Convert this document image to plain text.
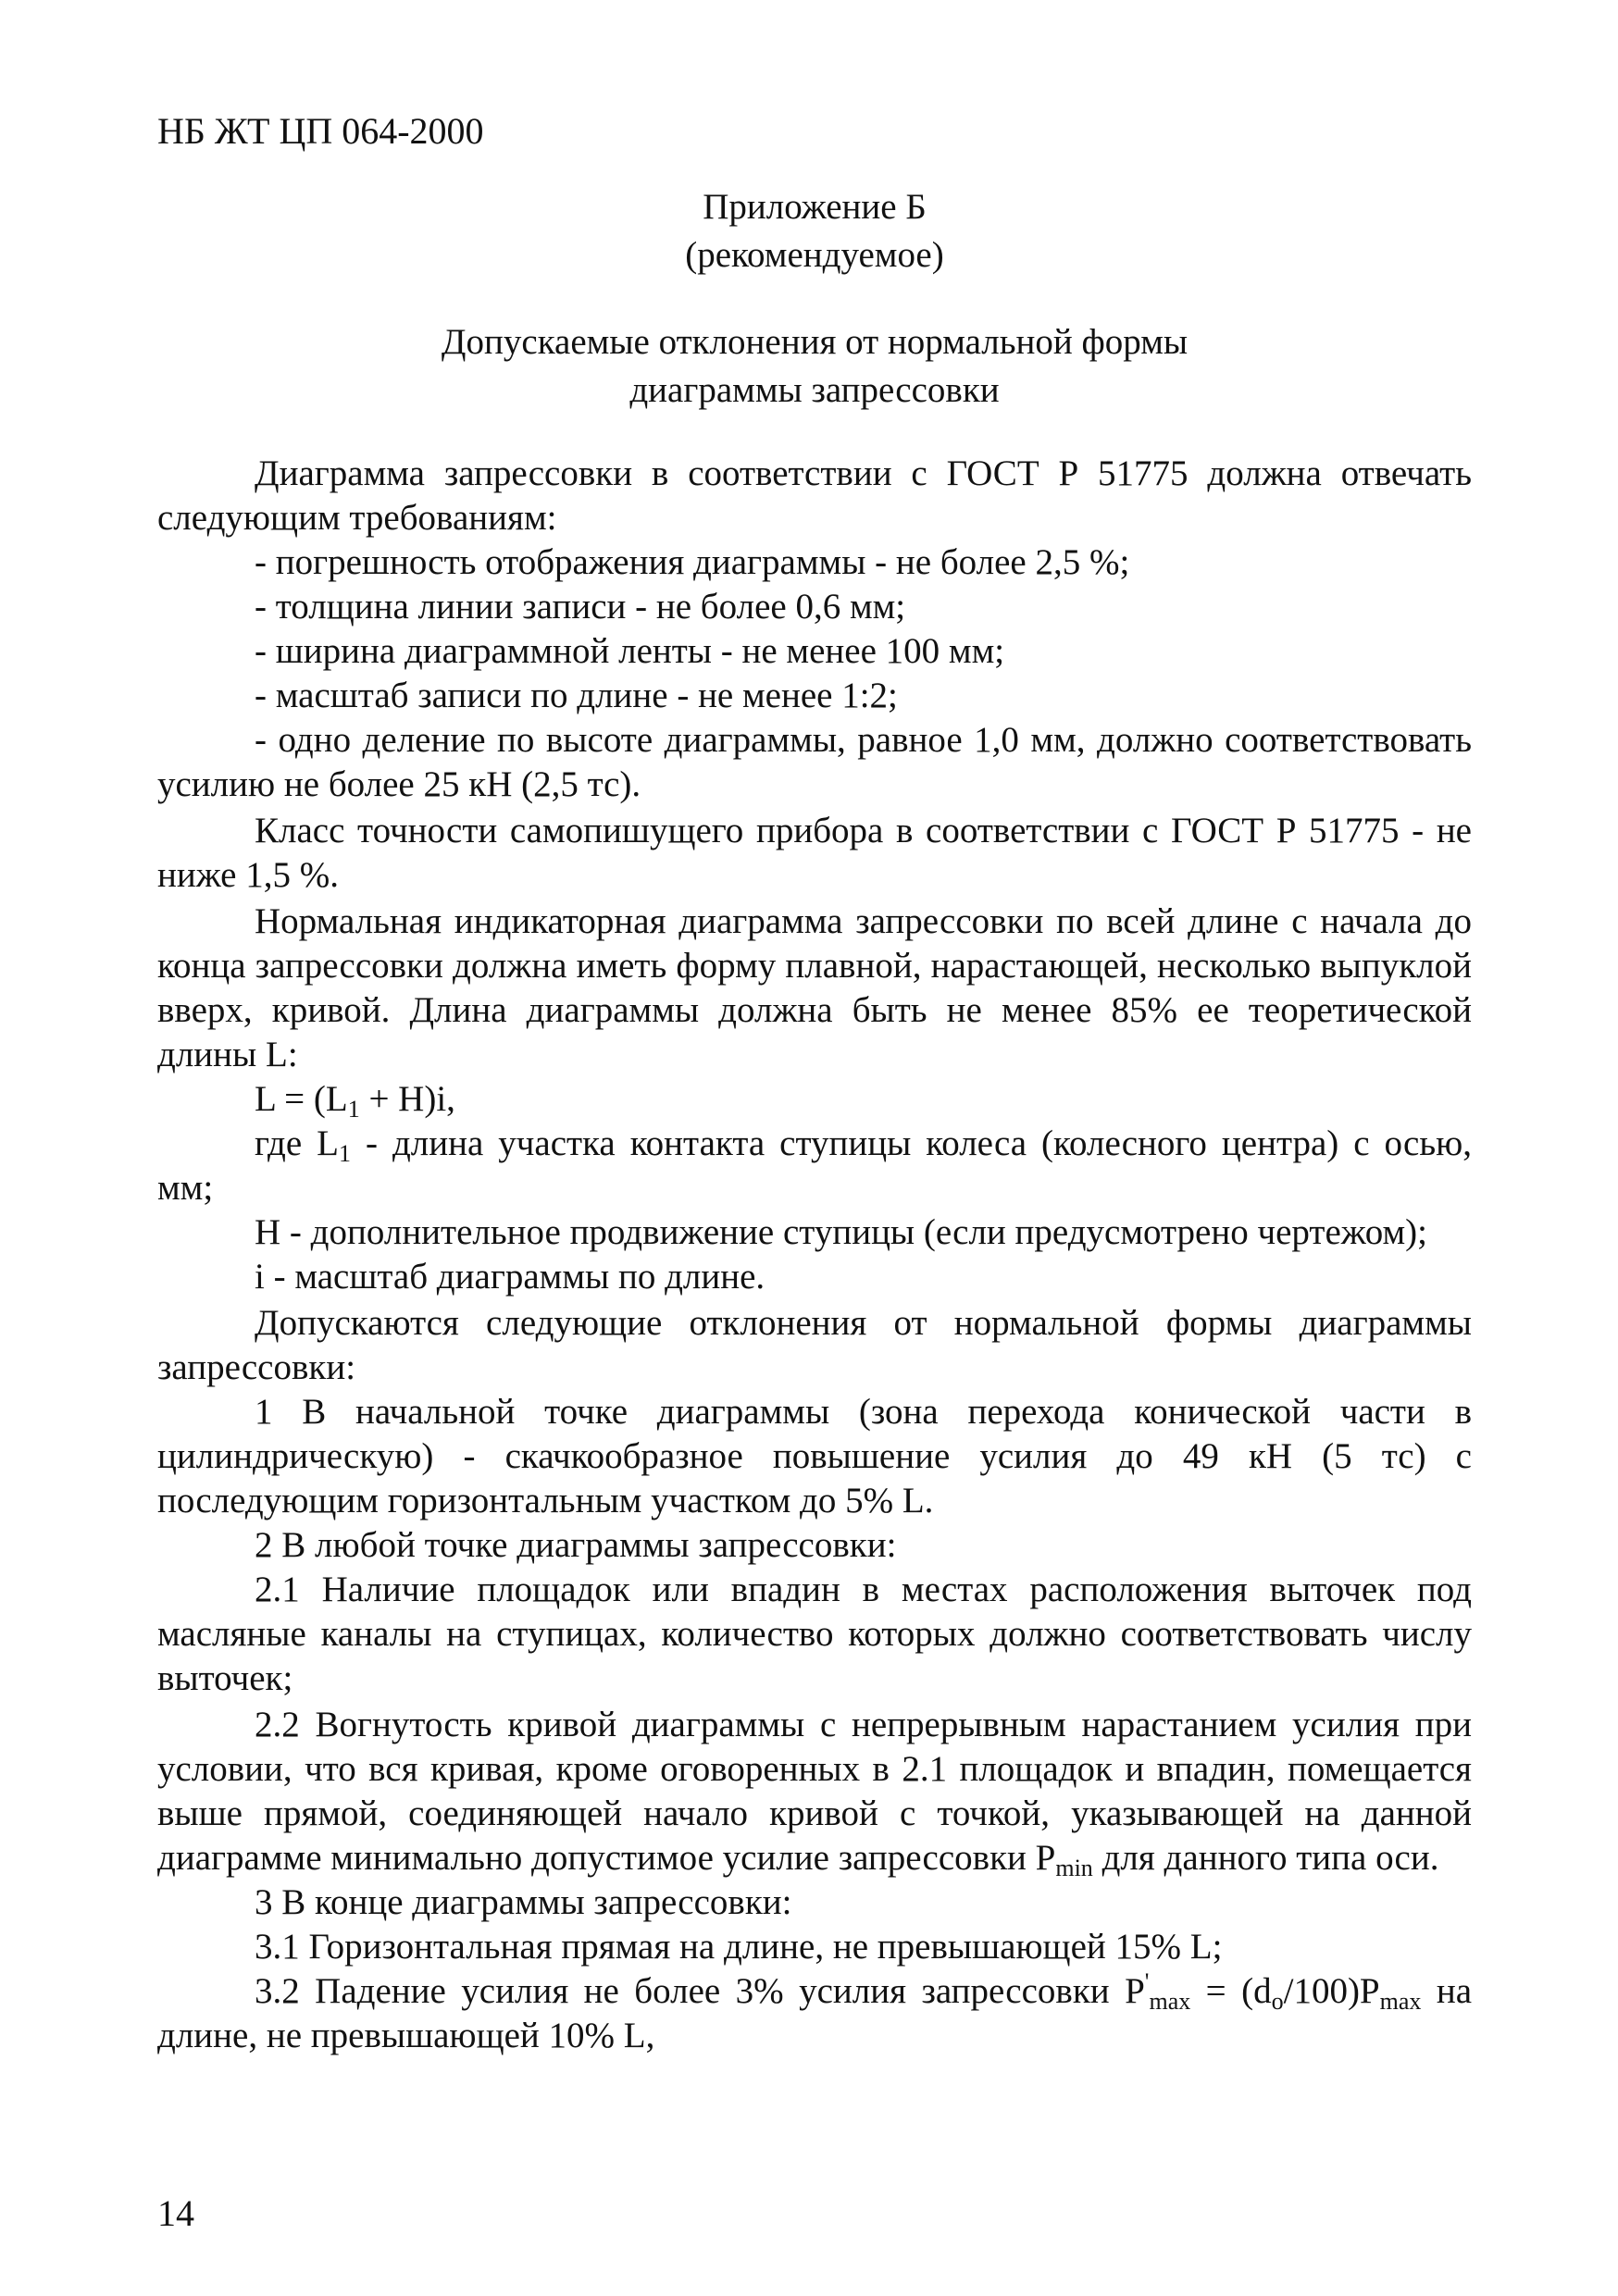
НБ ЖТ ЦП 064-2000
Приложение Б
(рекомендуемое)
Допускаемые отклонения от нормальной формы
диаграммы запрессовки

Диаграмма запрессовки в соответствии с ГОСТ Р 51775 должна отвечать следующим требованиям:

- погрешность отображения диаграммы - не более 2,5 %;

- толщина линии записи - не более 0,6 мм;

- ширина диаграммной ленты - не менее 100 мм;

- масштаб записи по длине - не менее 1:2;

- одно деление по высоте диаграммы, равное 1,0 мм, должно соответствовать усилию не более 25 кН (2,5 тс).

Класс точности самопишущего прибора в соответствии с ГОСТ Р 51775 - не ниже 1,5 %.

Нормальная индикаторная диаграмма запрессовки по всей длине с начала до конца запрессовки должна иметь форму плавной, нарастающей, несколько выпуклой вверх, кривой. Длина диаграммы должна быть не менее 85% ее теоретической длины L:

$L = (L_1 + H)i$,

где $L_1$ - длина участка контакта ступицы колеса (колесного центра) с осью, мм;

H - дополнительное продвижение ступицы (если предусмотрено чертежом);

i - масштаб диаграммы по длине.

Допускаются следующие отклонения от нормальной формы диаграммы запрессовки:

1 В начальной точке диаграммы (зона перехода конической части в цилиндрическую) - скачкообразное повышение усилия до 49 кН (5 тс) с последующим горизонтальным участком до 5% L.

2 В любой точке диаграммы запрессовки:

2.1 Наличие площадок или впадин в местах расположения выточек под масляные каналы на ступицах, количество которых должно соответствовать числу выточек;

2.2 Вогнутость кривой диаграммы с непрерывным нарастанием усилия при условии, что вся кривая, кроме оговоренных в 2.1 площадок и впадин, помещается выше прямой, соединяющей начало кривой с точкой, указывающей на данной диаграмме минимально допустимое усилие запрессовки $P_{min}$ для данного типа оси.

3 В конце диаграммы запрессовки:

3.1 Горизонтальная прямая на длине, не превышающей 15% L;

3.2 Падение усилия не более 3% усилия запрессовки $P'_{max} = (d_o/100)P_{max}$ на длине, не превышающей 10% L,

14
